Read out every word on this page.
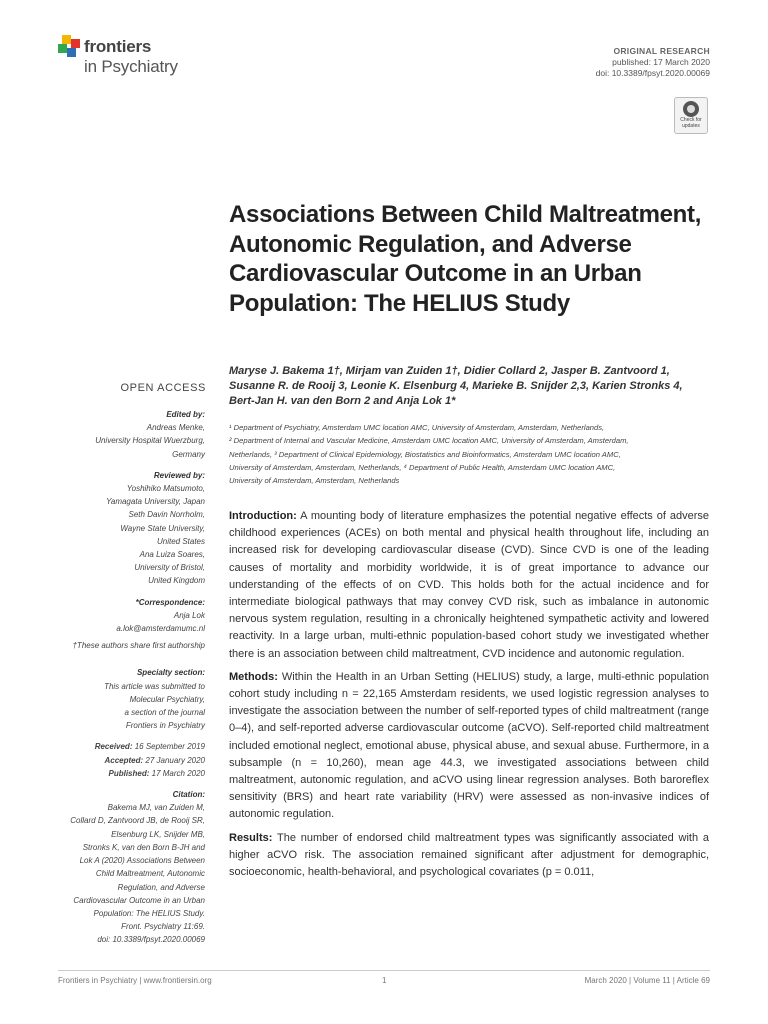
frontiers
in Psychiatry
ORIGINAL RESEARCH
published: 17 March 2020
doi: 10.3389/fpsyt.2020.00069
Check for updates
OPEN ACCESS
Edited by:
Andreas Menke,
University Hospital Wuerzburg,
Germany
Reviewed by:
Yoshihiko Matsumoto,
Yamagata University, Japan
Seth Davin Norrholm,
Wayne State University,
United States
Ana Luiza Soares,
University of Bristol,
United Kingdom
*Correspondence:
Anja Lok
a.lok@amsterdamumc.nl
†These authors share first authorship
Specialty section:
This article was submitted to
Molecular Psychiatry,
a section of the journal
Frontiers in Psychiatry
Received: 16 September 2019
Accepted: 27 January 2020
Published: 17 March 2020
Citation:
Bakema MJ, van Zuiden M,
Collard D, Zantvoord JB, de Rooij SR,
Elsenburg LK, Snijder MB,
Stronks K, van den Born B-JH and
Lok A (2020) Associations Between
Child Maltreatment, Autonomic
Regulation, and Adverse
Cardiovascular Outcome in an Urban
Population: The HELIUS Study.
Front. Psychiatry 11:69.
doi: 10.3389/fpsyt.2020.00069
Associations Between Child Maltreatment, Autonomic Regulation, and Adverse Cardiovascular Outcome in an Urban Population: The HELIUS Study
Maryse J. Bakema 1†, Mirjam van Zuiden 1†, Didier Collard 2, Jasper B. Zantvoord 1,
Susanne R. de Rooij 3, Leonie K. Elsenburg 4, Marieke B. Snijder 2,3, Karien Stronks 4,
Bert-Jan H. van den Born 2 and Anja Lok 1*
¹ Department of Psychiatry, Amsterdam UMC location AMC, University of Amsterdam, Amsterdam, Netherlands,
² Department of Internal and Vascular Medicine, Amsterdam UMC location AMC, University of Amsterdam, Amsterdam,
Netherlands, ³ Department of Clinical Epidemiology, Biostatistics and Bioinformatics, Amsterdam UMC location AMC,
University of Amsterdam, Amsterdam, Netherlands, ⁴ Department of Public Health, Amsterdam UMC location AMC,
University of Amsterdam, Amsterdam, Netherlands

Introduction: A mounting body of literature emphasizes the potential negative effects of adverse childhood experiences (ACEs) on both mental and physical health throughout life, including an increased risk for developing cardiovascular disease (CVD). Since CVD is one of the leading causes of mortality and morbidity worldwide, it is of great importance to advance our understanding of the effects of on CVD. This holds both for the actual incidence and for intermediate biological pathways that may convey CVD risk, such as imbalance in autonomic nervous system regulation, resulting in a chronically heightened sympathetic activity and lowered reactivity. In a large urban, multi-ethnic population-based cohort study we investigated whether there is an association between child maltreatment, CVD incidence and autonomic regulation.

Methods: Within the Health in an Urban Setting (HELIUS) study, a large, multi-ethnic population cohort study including n = 22,165 Amsterdam residents, we used logistic regression analyses to investigate the association between the number of self-reported types of child maltreatment (range 0–4), and self-reported adverse cardiovascular outcome (aCVO). Self-reported child maltreatment included emotional neglect, emotional abuse, physical abuse, and sexual abuse. Furthermore, in a subsample (n = 10,260), mean age 44.3, we investigated associations between child maltreatment, autonomic regulation, and aCVO using linear regression analyses. Both baroreflex sensitivity (BRS) and heart rate variability (HRV) were assessed as non-invasive indices of autonomic regulation.

Results: The number of endorsed child maltreatment types was significantly associated with a higher aCVO risk. The association remained significant after adjustment for demographic, socioeconomic, health-behavioral, and psychological covariates (p = 0.011,

Frontiers in Psychiatry | www.frontiersin.org	1	March 2020 | Volume 11 | Article 69
